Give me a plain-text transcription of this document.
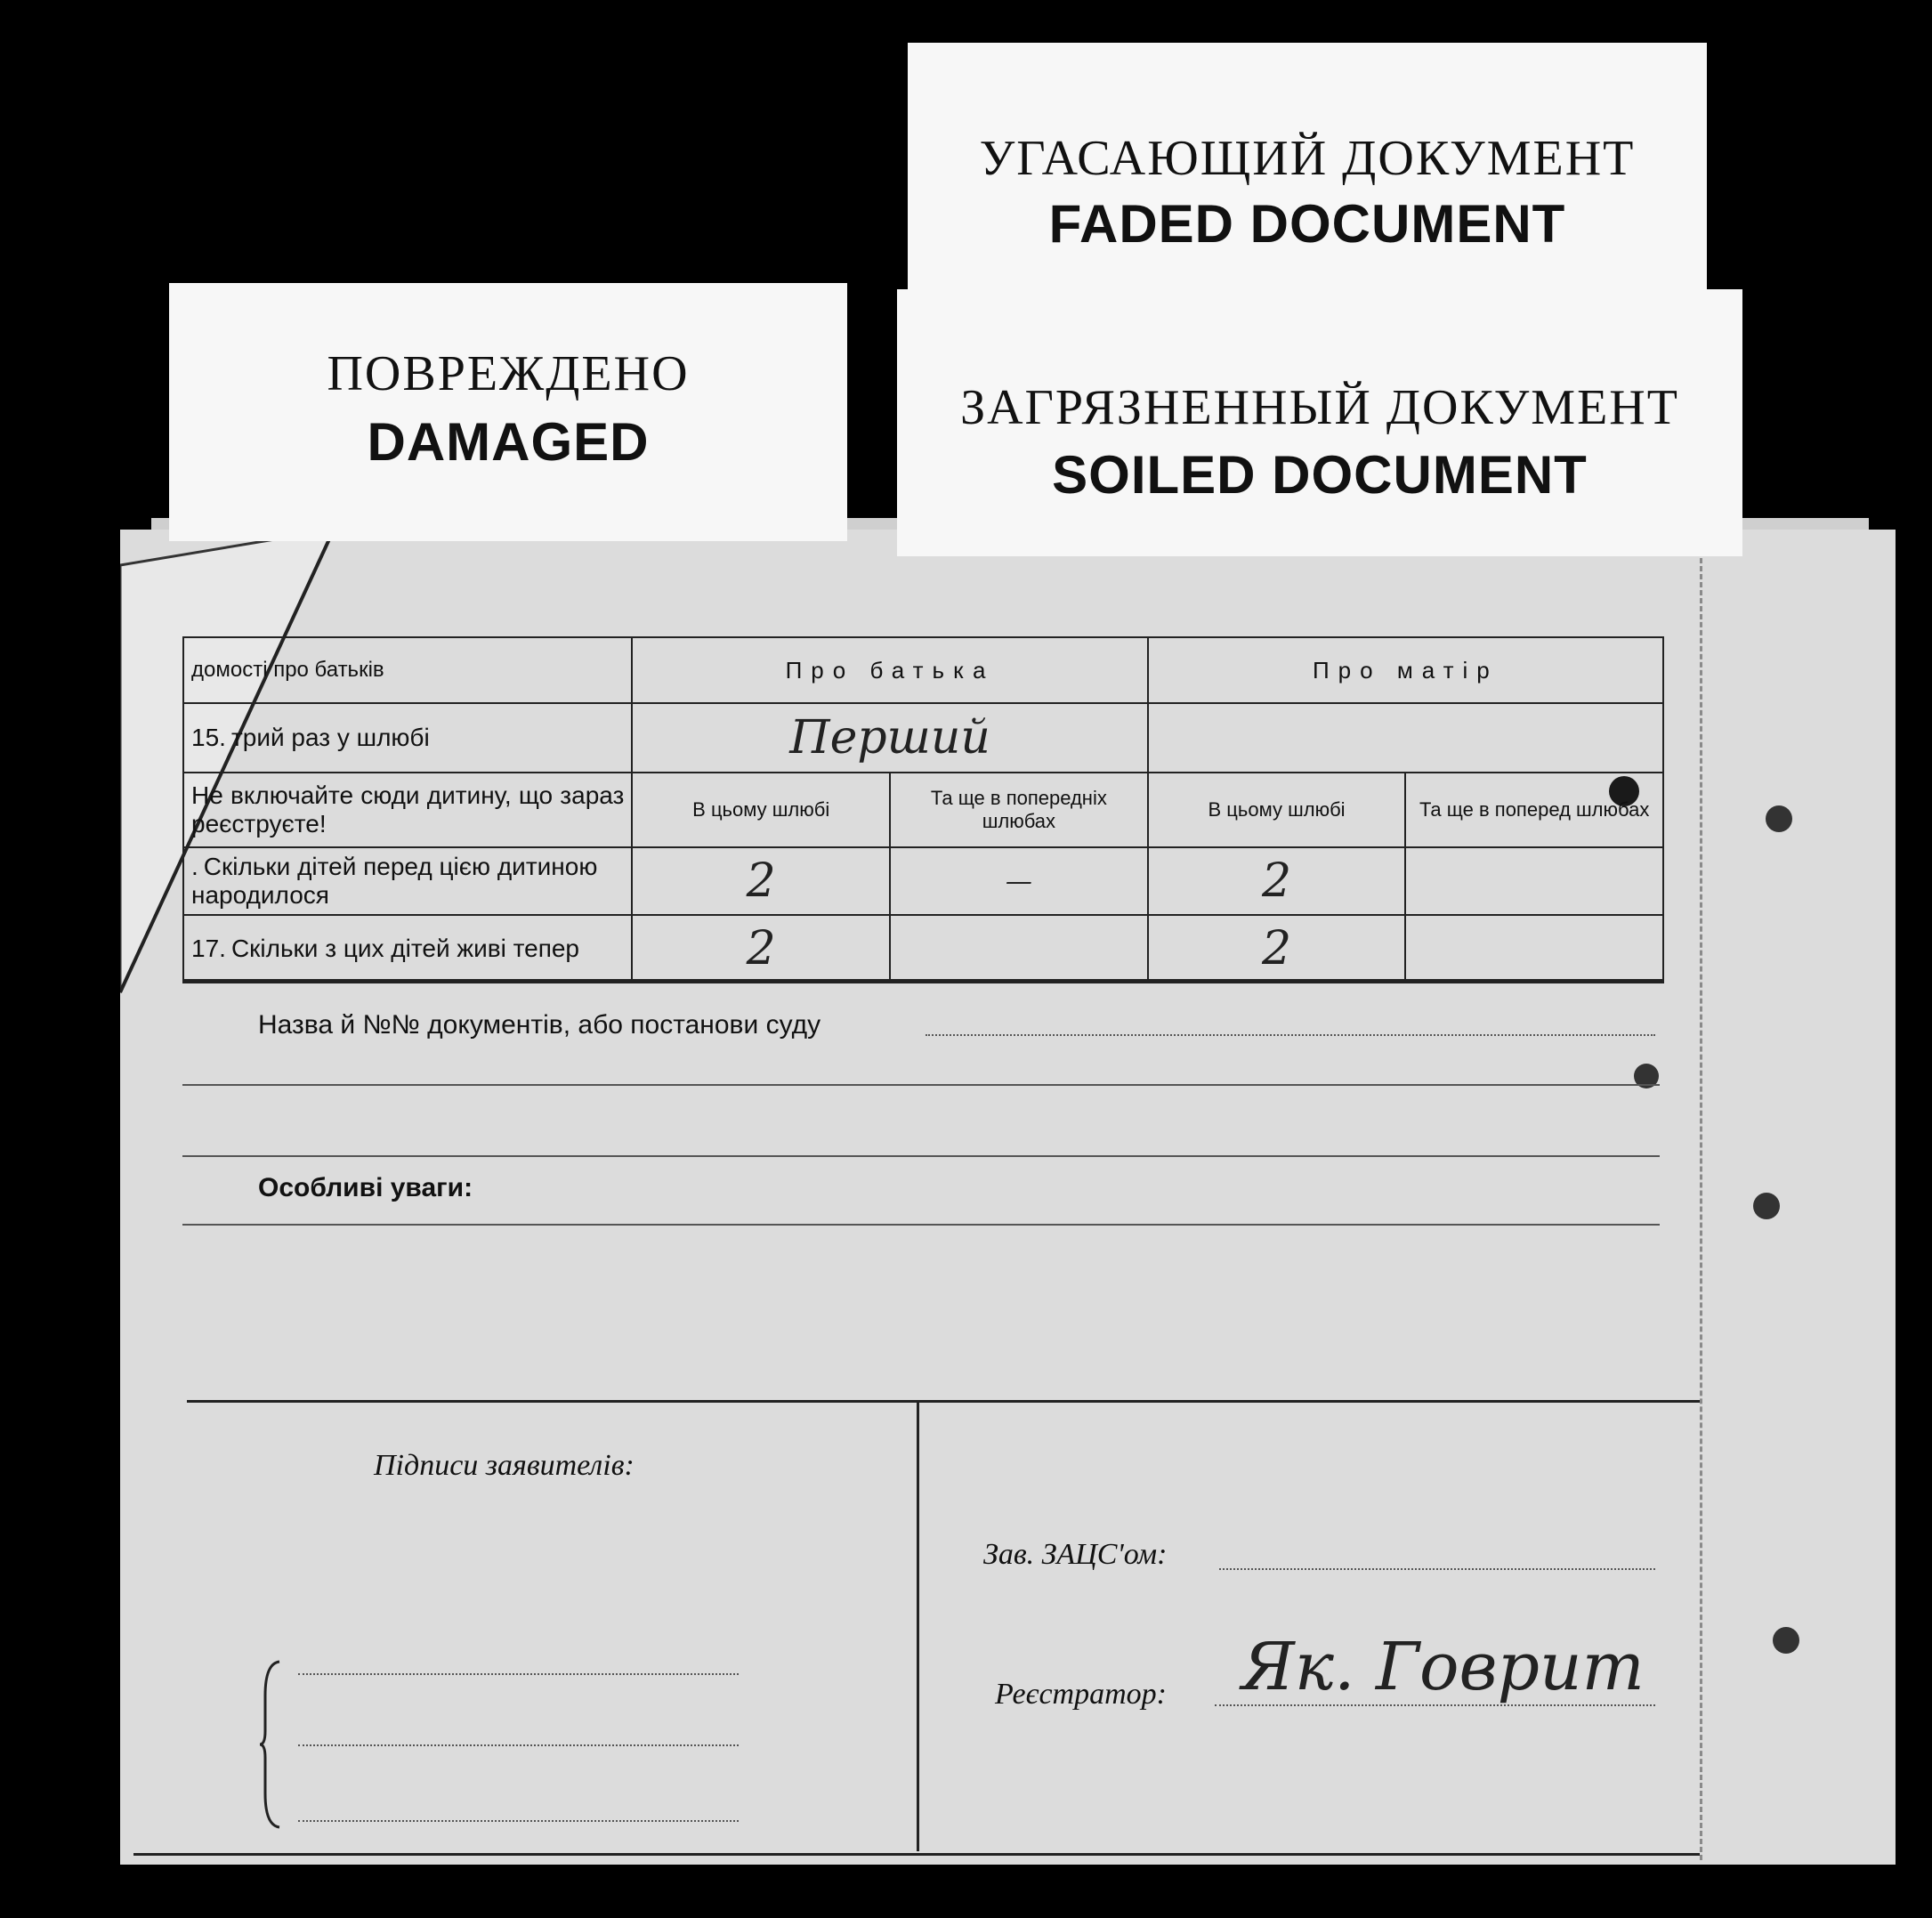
УГАСАЮЩИЙ ДОКУМЕНТ
FADED DOCUMENT
ПОВРЕЖДЕНО
DAMAGED
ЗАГРЯЗНЕННЫЙ ДОКУМЕНТ
SOILED DOCUMENT
домості про батьків	Про батька		Про матір	
15. трий раз у шлюбі	Перший			
Не включайте сюди дитину, що зараз реєструєте!	В цьому шлюбі	Та ще в попередніх шлюбах	В цьому шлюбі	Та ще в поперед шлюбах
. Скільки дітей перед цією дитиною народилося	2	—	2	
17. Скільки з цих дітей живі тепер	2		2	
Назва й №№ документів, або постанови суду
Особливі уваги:
Підписи заявителів:
Зав. ЗАЦС'ом:
Реєстратор: Як. Говрит
